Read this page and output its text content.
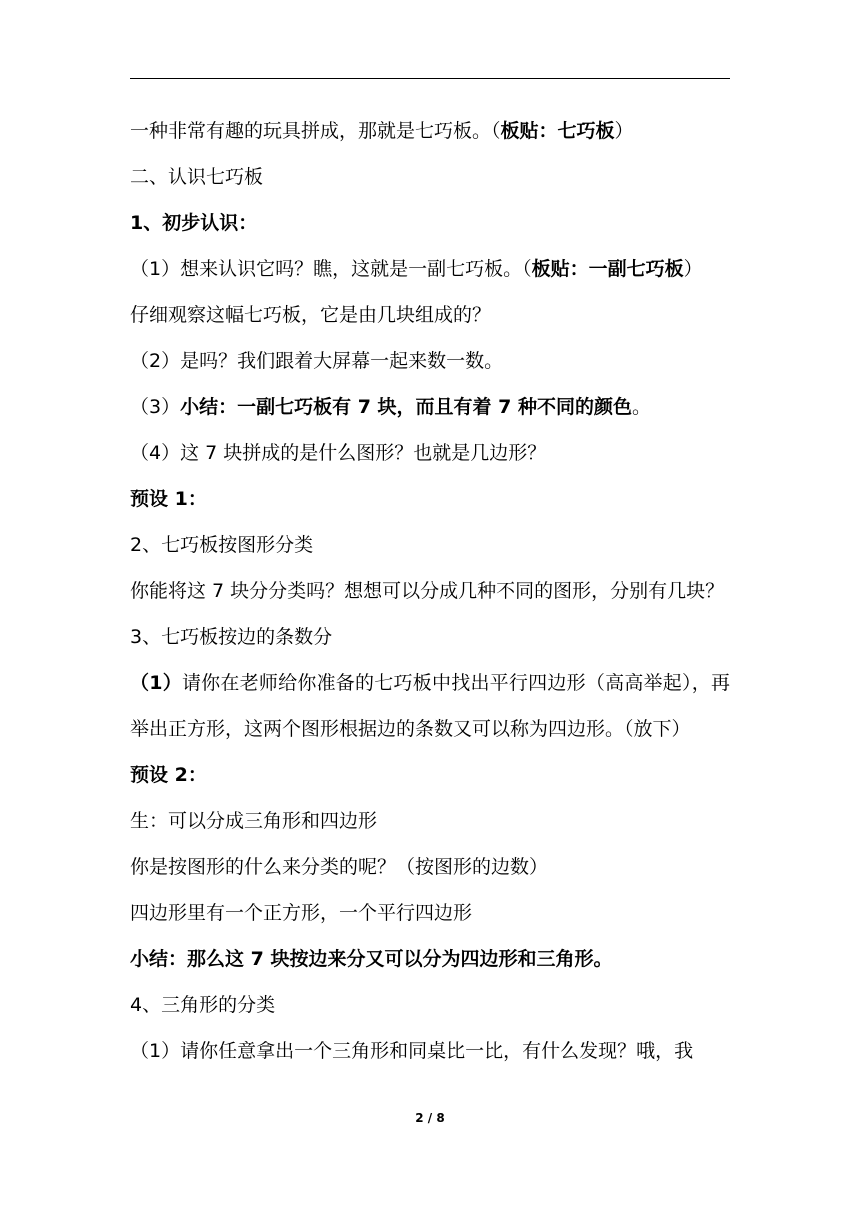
一种非常有趣的玩具拼成，那就是七巧板。（板贴：七巧板）

二、认识七巧板

1、初步认识：

（1）想来认识它吗？瞧，这就是一副七巧板。（板贴：一副七巧板）

仔细观察这幅七巧板，它是由几块组成的？

（2）是吗？我们跟着大屏幕一起来数一数。

（3）小结：一副七巧板有 7 块，而且有着 7 种不同的颜色。

（4）这 7 块拼成的是什么图形？也就是几边形？

预设 1：

2、七巧板按图形分类

你能将这 7 块分分类吗？想想可以分成几种不同的图形，分别有几块？

3、七巧板按边的条数分

（1）请你在老师给你准备的七巧板中找出平行四边形（高高举起），再举出正方形，这两个图形根据边的条数又可以称为四边形。（放下）

预设 2：

生：可以分成三角形和四边形

你是按图形的什么来分类的呢？（按图形的边数）

四边形里有一个正方形，一个平行四边形

小结：那么这 7 块按边来分又可以分为四边形和三角形。

4、三角形的分类

（1）请你任意拿出一个三角形和同桌比一比，有什么发现？哦，我

2 / 8
